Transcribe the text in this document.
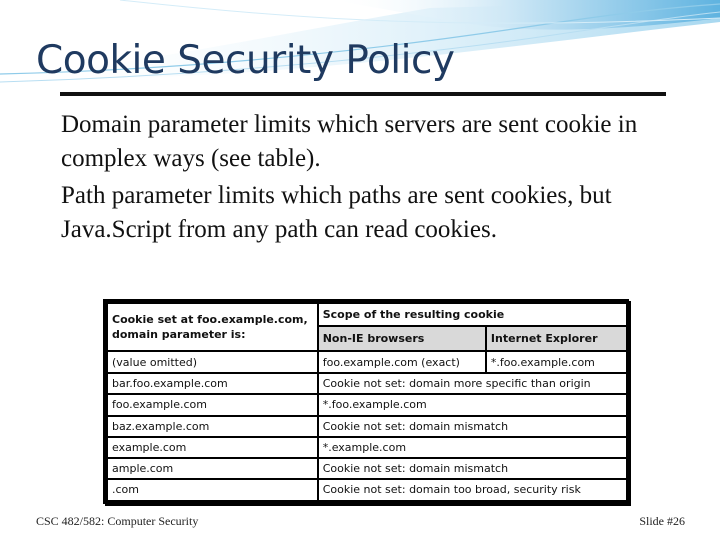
Cookie Security Policy

Domain parameter limits which servers are sent cookie in complex ways (see table).

Path parameter limits which paths are sent cookies, but Java.Script from any path can read cookies.

Cookie set at foo.example.com,
domain parameter is:	Scope of the resulting cookie	
	Non-IE browsers	Internet Explorer
(value omitted)	foo.example.com (exact)	*.foo.example.com
bar.foo.example.com	Cookie not set: domain more specific than origin	
foo.example.com	*.foo.example.com	
baz.example.com	Cookie not set: domain mismatch	
example.com	*.example.com	
ample.com	Cookie not set: domain mismatch	
.com	Cookie not set: domain too broad, security risk	
CSC 482/582: Computer Security	Slide #26
